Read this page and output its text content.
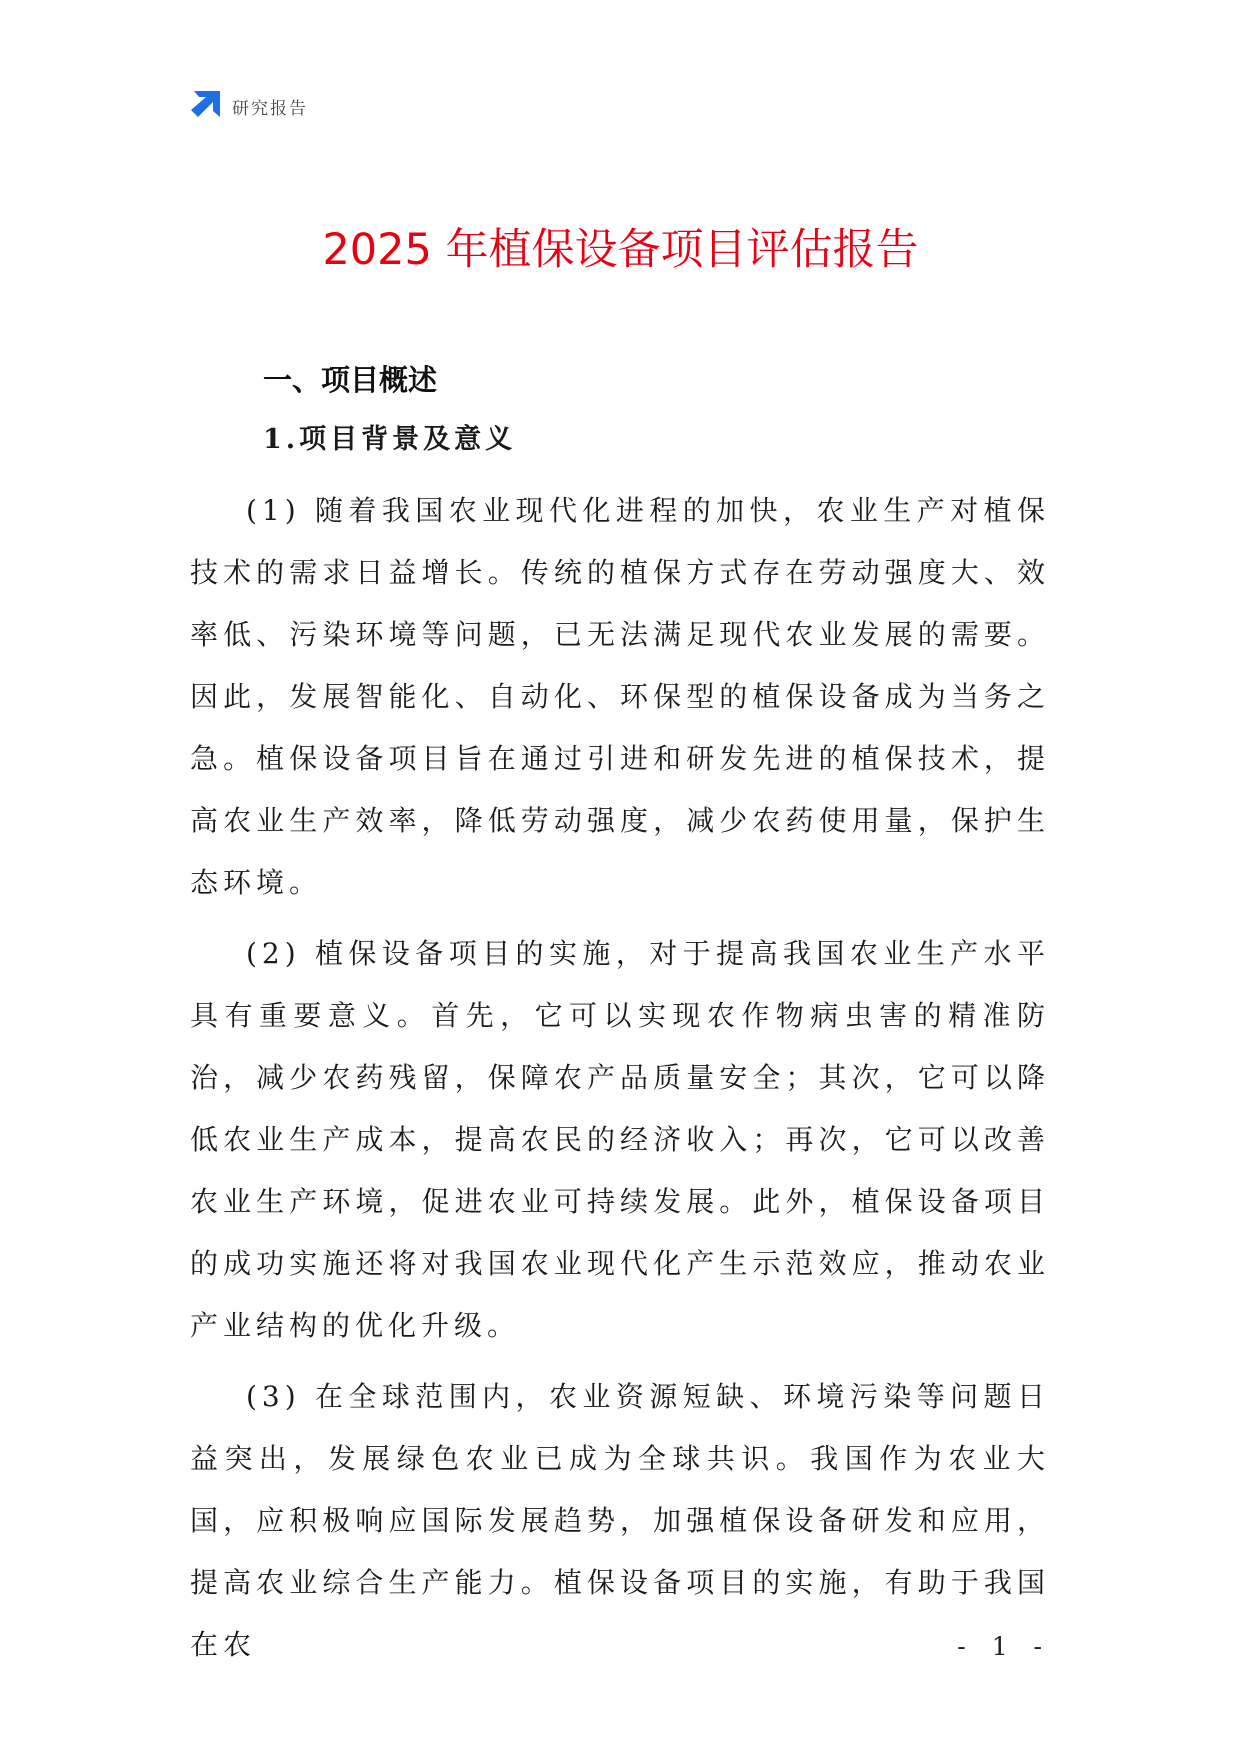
研究报告
2025 年植保设备项目评估报告
一、项目概述
1.项目背景及意义

(1) 随着我国农业现代化进程的加快，农业生产对植保技术的需求日益增长。传统的植保方式存在劳动强度大、效率低、污染环境等问题，已无法满足现代农业发展的需要。因此，发展智能化、自动化、环保型的植保设备成为当务之急。植保设备项目旨在通过引进和研发先进的植保技术，提高农业生产效率，降低劳动强度，减少农药使用量，保护生态环境。

(2) 植保设备项目的实施，对于提高我国农业生产水平具有重要意义。首先，它可以实现农作物病虫害的精准防治，减少农药残留，保障农产品质量安全；其次，它可以降低农业生产成本，提高农民的经济收入；再次，它可以改善农业生产环境，促进农业可持续发展。此外，植保设备项目的成功实施还将对我国农业现代化产生示范效应，推动农业产业结构的优化升级。

(3) 在全球范围内，农业资源短缺、环境污染等问题日益突出，发展绿色农业已成为全球共识。我国作为农业大国，应积极响应国际发展趋势，加强植保设备研发和应用，提高农业综合生产能力。植保设备项目的实施，有助于我国在农	- 1 -
